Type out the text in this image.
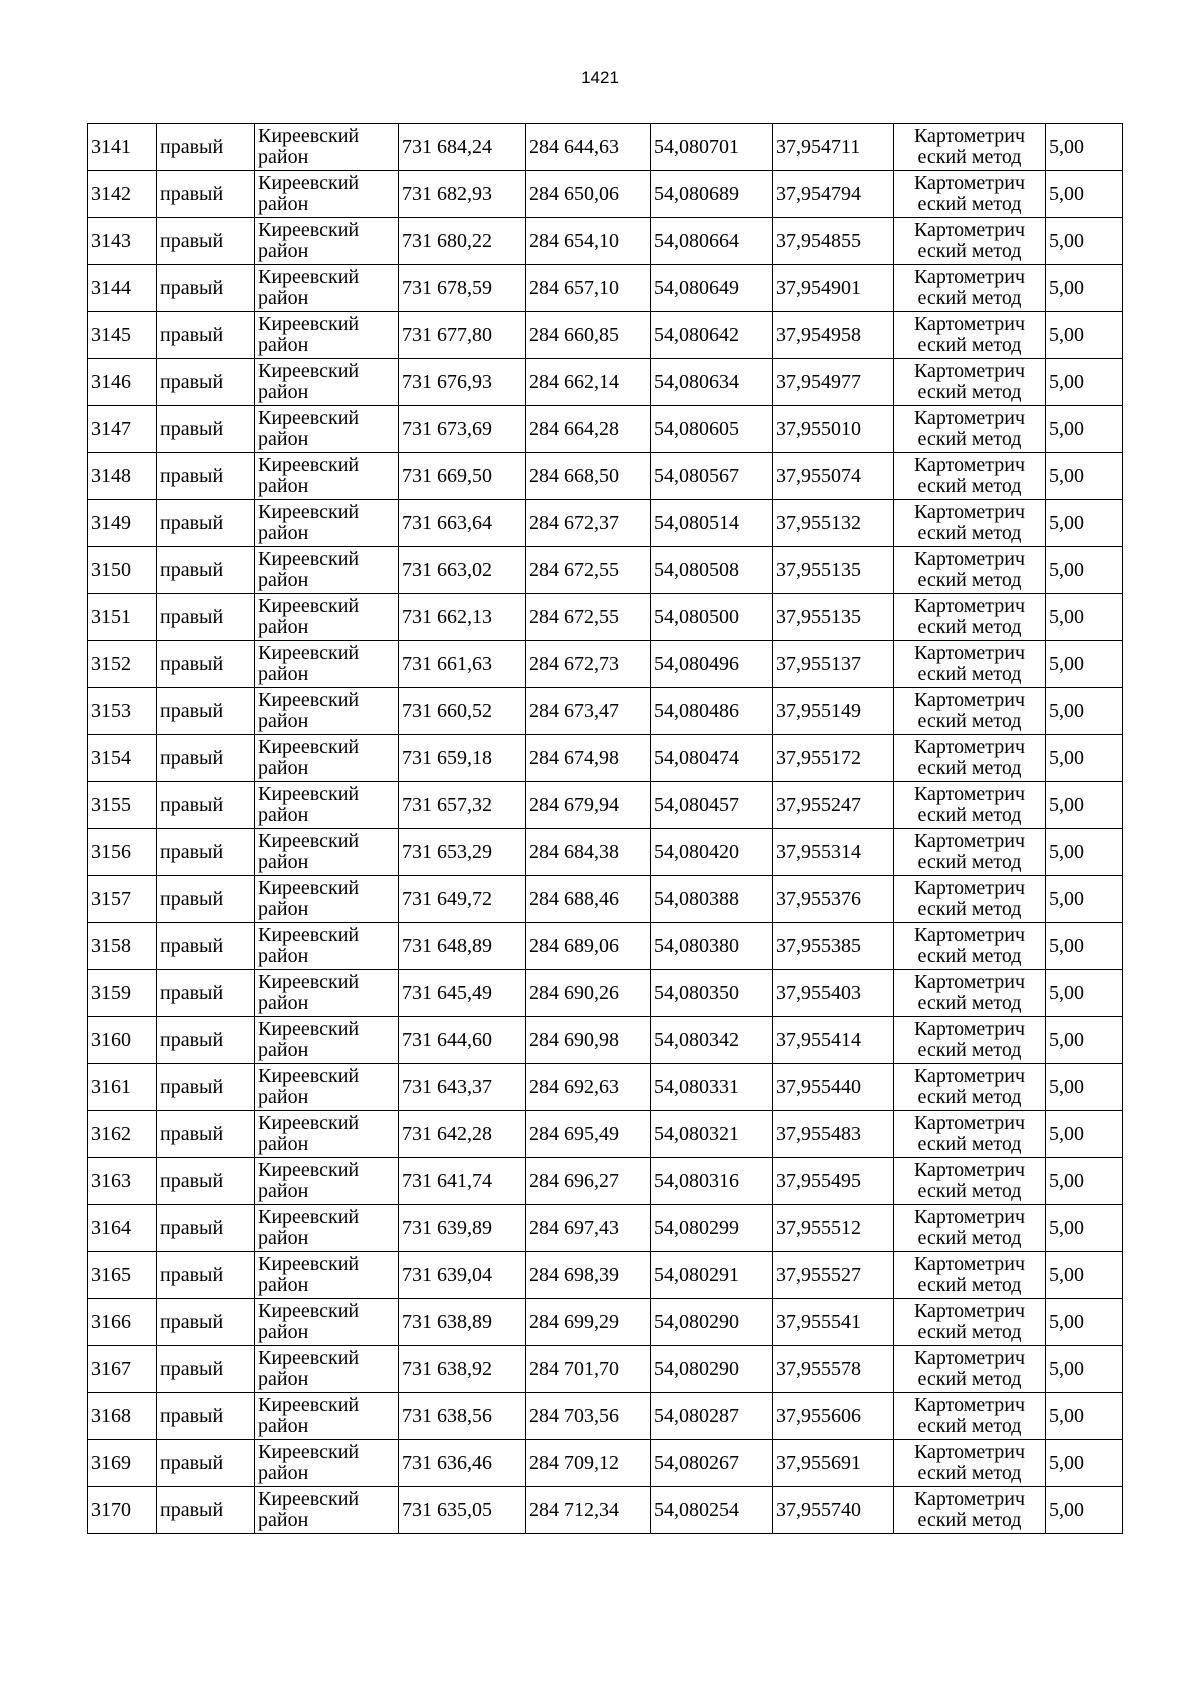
1421
3141	правый	Киреевский район	731 684,24	284 644,63	54,080701	37,954711	Картометрич еский метод	5,00
3142	правый	Киреевский район	731 682,93	284 650,06	54,080689	37,954794	Картометрич еский метод	5,00
3143	правый	Киреевский район	731 680,22	284 654,10	54,080664	37,954855	Картометрич еский метод	5,00
3144	правый	Киреевский район	731 678,59	284 657,10	54,080649	37,954901	Картометрич еский метод	5,00
3145	правый	Киреевский район	731 677,80	284 660,85	54,080642	37,954958	Картометрич еский метод	5,00
3146	правый	Киреевский район	731 676,93	284 662,14	54,080634	37,954977	Картометрич еский метод	5,00
3147	правый	Киреевский район	731 673,69	284 664,28	54,080605	37,955010	Картометрич еский метод	5,00
3148	правый	Киреевский район	731 669,50	284 668,50	54,080567	37,955074	Картометрич еский метод	5,00
3149	правый	Киреевский район	731 663,64	284 672,37	54,080514	37,955132	Картометрич еский метод	5,00
3150	правый	Киреевский район	731 663,02	284 672,55	54,080508	37,955135	Картометрич еский метод	5,00
3151	правый	Киреевский район	731 662,13	284 672,55	54,080500	37,955135	Картометрич еский метод	5,00
3152	правый	Киреевский район	731 661,63	284 672,73	54,080496	37,955137	Картометрич еский метод	5,00
3153	правый	Киреевский район	731 660,52	284 673,47	54,080486	37,955149	Картометрич еский метод	5,00
3154	правый	Киреевский район	731 659,18	284 674,98	54,080474	37,955172	Картометрич еский метод	5,00
3155	правый	Киреевский район	731 657,32	284 679,94	54,080457	37,955247	Картометрич еский метод	5,00
3156	правый	Киреевский район	731 653,29	284 684,38	54,080420	37,955314	Картометрич еский метод	5,00
3157	правый	Киреевский район	731 649,72	284 688,46	54,080388	37,955376	Картометрич еский метод	5,00
3158	правый	Киреевский район	731 648,89	284 689,06	54,080380	37,955385	Картометрич еский метод	5,00
3159	правый	Киреевский район	731 645,49	284 690,26	54,080350	37,955403	Картометрич еский метод	5,00
3160	правый	Киреевский район	731 644,60	284 690,98	54,080342	37,955414	Картометрич еский метод	5,00
3161	правый	Киреевский район	731 643,37	284 692,63	54,080331	37,955440	Картометрич еский метод	5,00
3162	правый	Киреевский район	731 642,28	284 695,49	54,080321	37,955483	Картометрич еский метод	5,00
3163	правый	Киреевский район	731 641,74	284 696,27	54,080316	37,955495	Картометрич еский метод	5,00
3164	правый	Киреевский район	731 639,89	284 697,43	54,080299	37,955512	Картометрич еский метод	5,00
3165	правый	Киреевский район	731 639,04	284 698,39	54,080291	37,955527	Картометрич еский метод	5,00
3166	правый	Киреевский район	731 638,89	284 699,29	54,080290	37,955541	Картометрич еский метод	5,00
3167	правый	Киреевский район	731 638,92	284 701,70	54,080290	37,955578	Картометрич еский метод	5,00
3168	правый	Киреевский район	731 638,56	284 703,56	54,080287	37,955606	Картометрич еский метод	5,00
3169	правый	Киреевский район	731 636,46	284 709,12	54,080267	37,955691	Картометрич еский метод	5,00
3170	правый	Киреевский район	731 635,05	284 712,34	54,080254	37,955740	Картометрич еский метод	5,00
